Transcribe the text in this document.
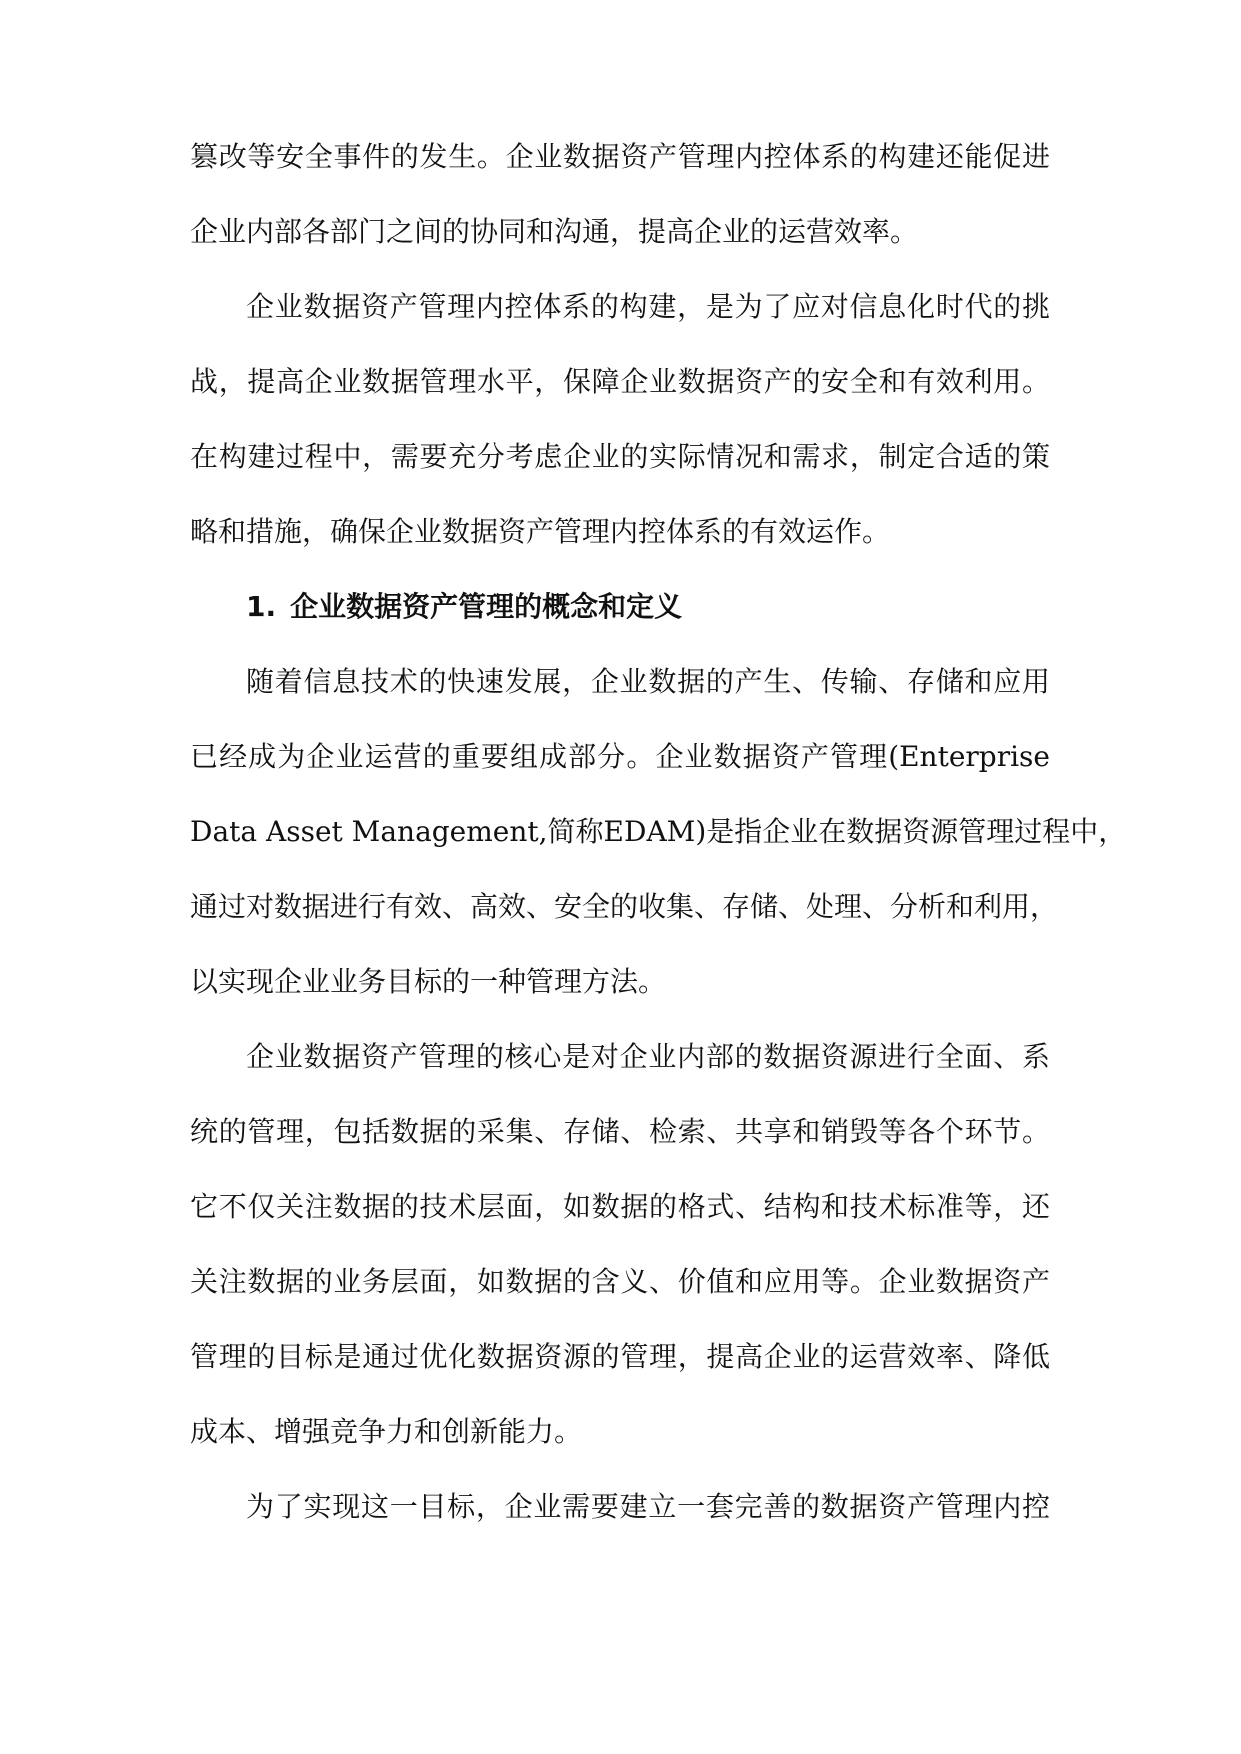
篡改等安全事件的发生。企业数据资产管理内控体系的构建还能促进
企业内部各部门之间的协同和沟通，提高企业的运营效率。
企业数据资产管理内控体系的构建，是为了应对信息化时代的挑
战，提高企业数据管理水平，保障企业数据资产的安全和有效利用。
在构建过程中，需要充分考虑企业的实际情况和需求，制定合适的策
略和措施，确保企业数据资产管理内控体系的有效运作。
1. 企业数据资产管理的概念和定义
随着信息技术的快速发展，企业数据的产生、传输、存储和应用
已经成为企业运营的重要组成部分。企业数据资产管理(Enterprise
Data Asset Management,简称EDAM)是指企业在数据资源管理过程中，
通过对数据进行有效、高效、安全的收集、存储、处理、分析和利用，
以实现企业业务目标的一种管理方法。
企业数据资产管理的核心是对企业内部的数据资源进行全面、系
统的管理，包括数据的采集、存储、检索、共享和销毁等各个环节。
它不仅关注数据的技术层面，如数据的格式、结构和技术标准等，还
关注数据的业务层面，如数据的含义、价值和应用等。企业数据资产
管理的目标是通过优化数据资源的管理，提高企业的运营效率、降低
成本、增强竞争力和创新能力。
为了实现这一目标，企业需要建立一套完善的数据资产管理内控
